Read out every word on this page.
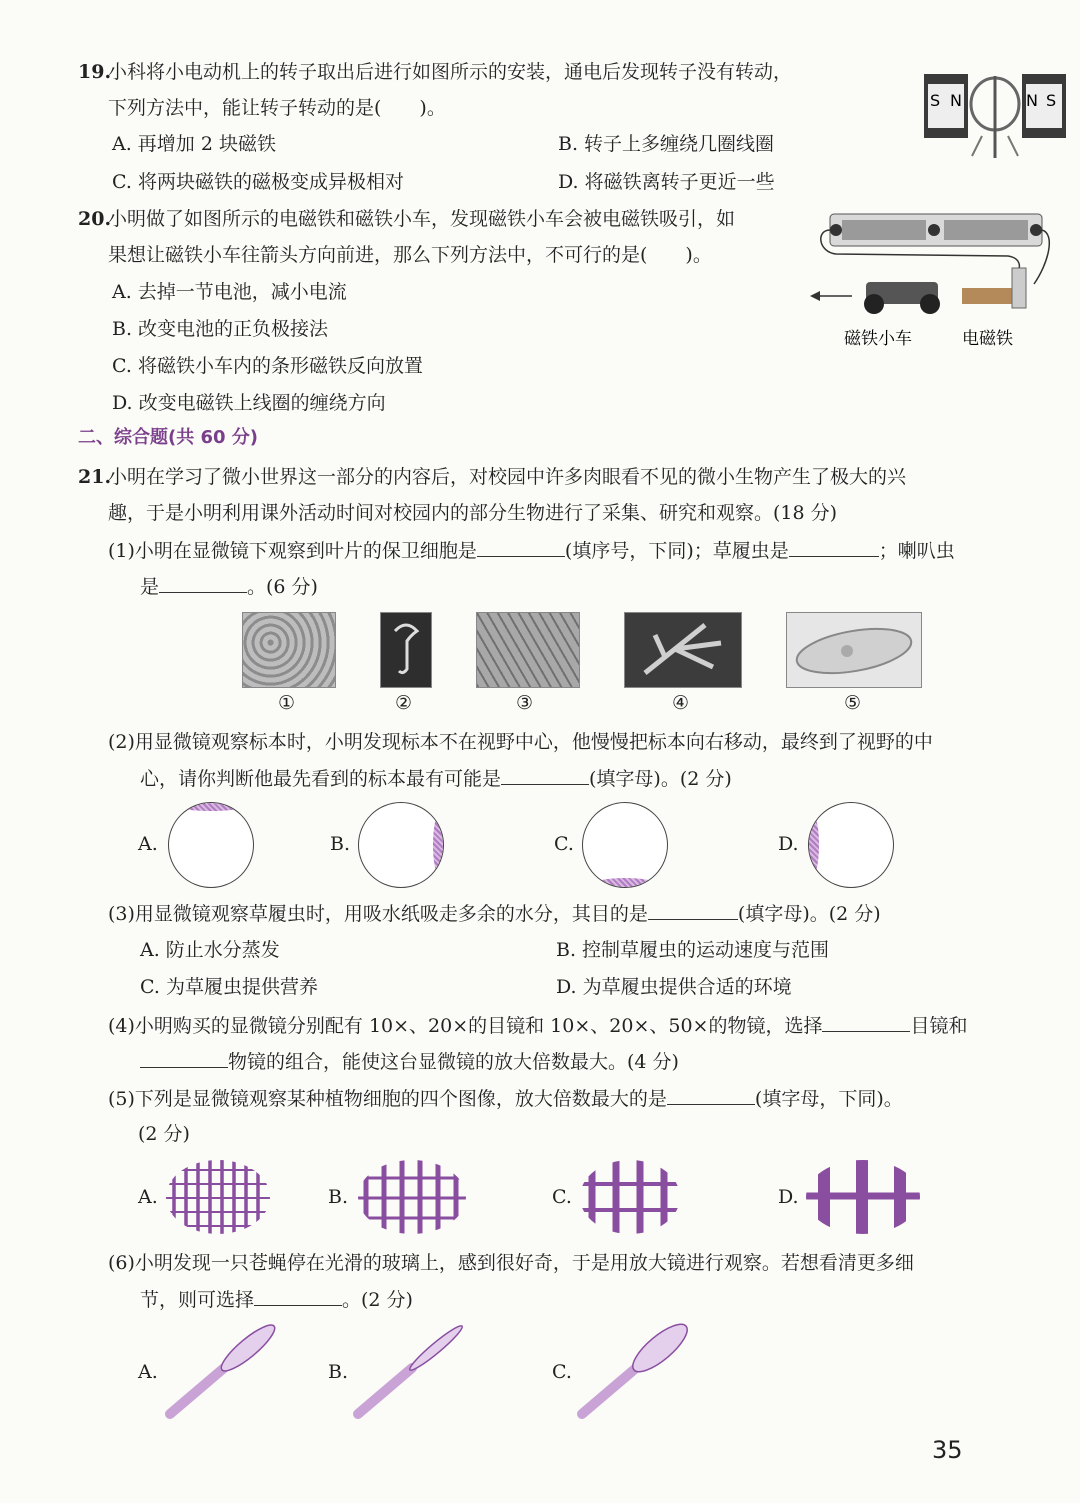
19.
小科将小电动机上的转子取出后进行如图所示的安装，通电后发现转子没有转动，
下列方法中，能让转子转动的是(　　)。
A. 再增加 2 块磁铁	B. 转子上多缠绕几圈线圈
C. 将两块磁铁的磁极变成异极相对	D. 将磁铁离转子更近一些
S N	N S
20.
小明做了如图所示的电磁铁和磁铁小车，发现磁铁小车会被电磁铁吸引，如
果想让磁铁小车往箭头方向前进，那么下列方法中，不可行的是(　　)。
A. 去掉一节电池，减小电流
B. 改变电池的正负极接法
C. 将磁铁小车内的条形磁铁反向放置
D. 改变电磁铁上线圈的缠绕方向
磁铁小车	电磁铁
二、综合题(共 60 分)
21.
小明在学习了微小世界这一部分的内容后，对校园中许多肉眼看不见的微小生物产生了极大的兴
趣，于是小明利用课外活动时间对校园内的部分生物进行了采集、研究和观察。(18 分)
(1)小明在显微镜下观察到叶片的保卫细胞是	(填序号，下同)；草履虫是	；喇叭虫
是	。(6 分)
①	②	③	④	⑤
(2)用显微镜观察标本时，小明发现标本不在视野中心，他慢慢把标本向右移动，最终到了视野的中
心，请你判断他最先看到的标本最有可能是	(填字母)。(2 分)
A.	B.	C.	D.
(3)用显微镜观察草履虫时，用吸水纸吸走多余的水分，其目的是	(填字母)。(2 分)
A. 防止水分蒸发	B. 控制草履虫的运动速度与范围
C. 为草履虫提供营养	D. 为草履虫提供合适的环境
(4)小明购买的显微镜分别配有 10×、20×的目镜和 10×、20×、50×的物镜，选择	目镜和
物镜的组合，能使这台显微镜的放大倍数最大。(4 分)
(5)下列是显微镜观察某种植物细胞的四个图像，放大倍数最大的是	(填字母，下同)。
(2 分)
A.	B.	C.	D.
(6)小明发现一只苍蝇停在光滑的玻璃上，感到很好奇，于是用放大镜进行观察。若想看清更多细
节，则可选择	。(2 分)
A.	B.	C.
35
